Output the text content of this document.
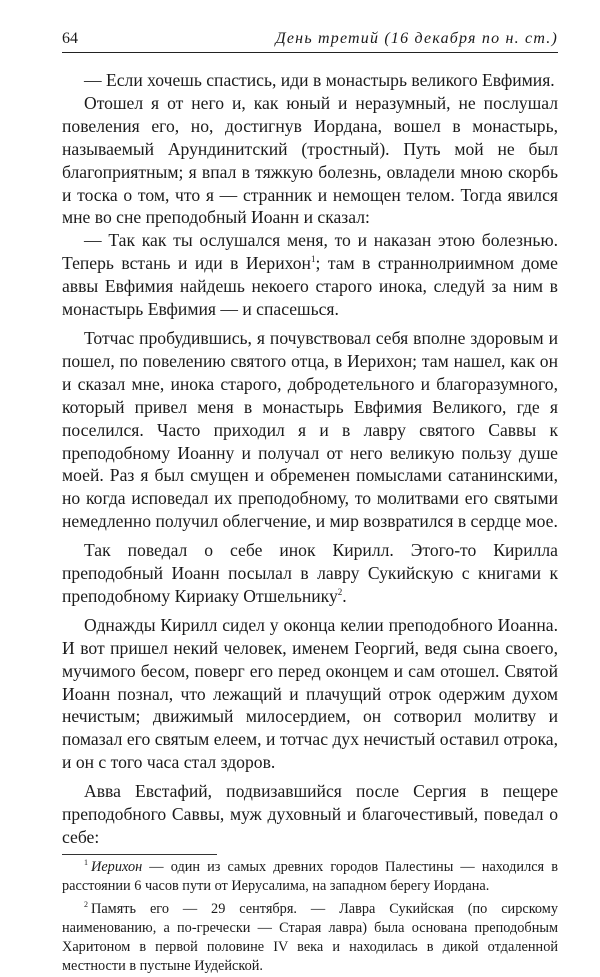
64	День третий (16 декабря по н. ст.)

— Если хочешь спастись, иди в монастырь великого Евфимия.

Отошел я от него и, как юный и неразумный, не послушал повеления его, но, достигнув Иордана, вошел в монастырь, называемый Арундинитский (тростный). Путь мой не был благоприятным; я впал в тяжкую болезнь, овладели мною скорбь и тоска о том, что я — странник и немощен телом. Тогда явился мне во сне преподобный Иоанн и сказал:

— Так как ты ослушался меня, то и наказан этою болезнью. Теперь встань и иди в Иерихон$^1$; там в страннолриимном доме аввы Евфимия найдешь некоего старого инока, следуй за ним в монастырь Евфимия — и спасешься.

Тотчас пробудившись, я почувствовал себя вполне здоровым и пошел, по повелению святого отца, в Иерихон; там нашел, как он и сказал мне, инока старого, добродетельного и благоразумного, который привел меня в монастырь Евфимия Великого, где я поселился. Часто приходил я и в лавру святого Саввы к преподобному Иоанну и получал от него великую пользу душе моей. Раз я был смущен и обременен помыслами сатанинскими, но когда исповедал их преподобному, то молитвами его святыми немедленно получил облегчение, и мир возвратился в сердце мое.

Так поведал о себе инок Кирилл. Этого-то Кирилла преподобный Иоанн посылал в лавру Сукийскую с книгами к преподобному Кириаку Отшельнику$^2$.

Однажды Кирилл сидел у оконца келии преподобного Иоанна. И вот пришел некий человек, именем Георгий, ведя сына своего, мучимого бесом, поверг его перед оконцем и сам отошел. Святой Иоанн познал, что лежащий и плачущий отрок одержим духом нечистым; движимый милосердием, он сотворил молитву и помазал его святым елеем, и тотчас дух нечистый оставил отрока, и он с того часа стал здоров.

Авва Евстафий, подвизавшийся после Сергия в пещере преподобного Саввы, муж духовный и благочестивый, поведал о себе:

$^1$ Иерихон — один из самых древних городов Палестины — находился в расстоянии 6 часов пути от Иерусалима, на западном берегу Иордана.

$^2$ Память его — 29 сентября. — Лавра Сукийская (по сирскому наименованию, а по-гречески — Старая лавра) была основана преподобным Харитоном в первой половине IV века и находилась в дикой отдаленной местности в пустыне Иудейской.
